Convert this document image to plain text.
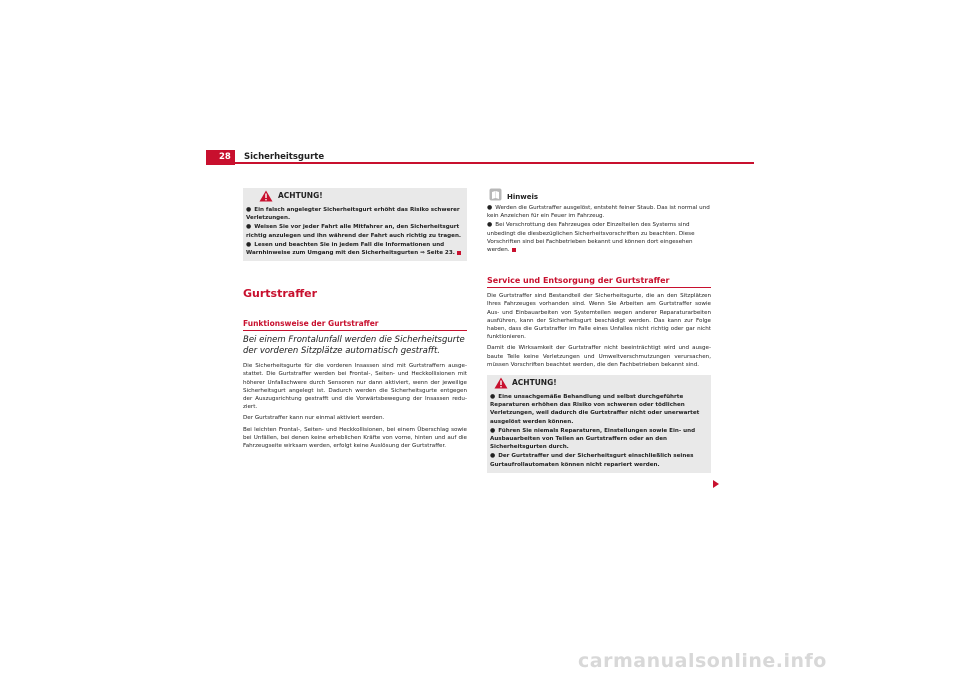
28	Sicherheitsgurte
ACHTUNG!
● Ein falsch angelegter Sicherheitsgurt erhöht das Risiko schwerer Verletzungen.
● Weisen Sie vor jeder Fahrt alle Mitfahrer an, den Sicherheitsgurt richtig anzulegen und ihn während der Fahrt auch richtig zu tragen.
● Lesen und beachten Sie in jedem Fall die Informationen und Warnhinweise zum Umgang mit den Sicherheitsgurten ⇒ Seite 23.
Gurtstraffer
Funktionsweise der Gurtstraffer
Bei einem Frontalunfall werden die Sicherheitsgurte der vorderen Sitzplätze automatisch gestrafft.
Die Sicherheitsgurte für die vorderen Insassen sind mit Gurtstraffern ausgestattet. Die Gurtstraffer werden bei Frontal-, Seiten- und Heckkollisionen mit höherer Unfallschwere durch Sensoren nur dann aktiviert, wenn der jeweilige Sicherheitsgurt angelegt ist. Dadurch werden die Sicherheitsgurte entgegen der Auszugsrichtung gestrafft und die Vorwärtsbewegung der Insassen reduziert.
Der Gurtstraffer kann nur einmal aktiviert werden.
Bei leichten Frontal-, Seiten- und Heckkollisionen, bei einem Überschlag sowie bei Unfällen, bei denen keine erheblichen Kräfte von vorne, hinten und auf die Fahrzeugseite wirksam werden, erfolgt keine Auslösung der Gurtstraffer.
Hinweis
● Werden die Gurtstraffer ausgelöst, entsteht feiner Staub. Das ist normal und kein Anzeichen für ein Feuer im Fahrzeug.
● Bei Verschrottung des Fahrzeuges oder Einzelteilen des Systems sind unbedingt die diesbezüglichen Sicherheitsvorschriften zu beachten. Diese Vorschriften sind bei Fachbetrieben bekannt und können dort eingesehen werden.
Service und Entsorgung der Gurtstraffer
Die Gurtstraffer sind Bestandteil der Sicherheitsgurte, die an den Sitzplätzen Ihres Fahrzeuges vorhanden sind. Wenn Sie Arbeiten am Gurtstraffer sowie Aus- und Einbauarbeiten von Systemteilen wegen anderer Reparaturarbeiten ausführen, kann der Sicherheitsgurt beschädigt werden. Das kann zur Folge haben, dass die Gurtstraffer im Falle eines Unfalles nicht richtig oder gar nicht funktionieren.
Damit die Wirksamkeit der Gurtstraffer nicht beeinträchtigt wird und ausgebaute Teile keine Verletzungen und Umweltverschmutzungen verursachen, müssen Vorschriften beachtet werden, die den Fachbetrieben bekannt sind.
ACHTUNG!
● Eine unsachgemäße Behandlung und selbst durchgeführte Reparaturen erhöhen das Risiko von schweren oder tödlichen Verletzungen, weil dadurch die Gurtstraffer nicht oder unerwartet ausgelöst werden können.
● Führen Sie niemals Reparaturen, Einstellungen sowie Ein- und Ausbauarbeiten von Teilen an Gurtstraffern oder an den Sicherheitsgurten durch.
● Der Gurtstraffer und der Sicherheitsgurt einschließlich seines Gurtaufrollautomaten können nicht repariert werden.
carmanualsonline.info
